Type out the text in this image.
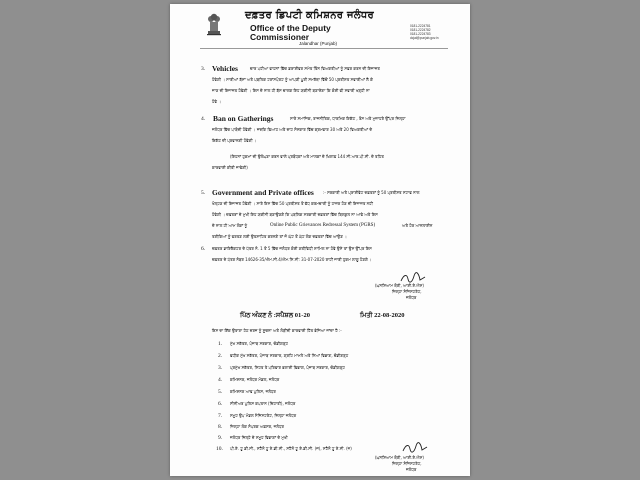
ਦਫ਼ਤਰ ਡਿਪਟੀ ਕਮਿਸ਼ਨਰ ਜਲੰਧਰ
Office of the Deputy
Commissioner
Jalandhar (Punjab)
0181-2224781
0181-2224782
0181-2224783
dcjal@punjab.gov.in
3. Vehicles	ਚਾਰ ਪਹੀਆ ਵਾਹਨਾਂ ਵਿੱਚ ਡਰਾਈਵਰ ਸਮੇਤ ਤਿੰਨ ਵਿਅਕਤੀਆਂ ਨੂੰ ਸਫ਼ਰ ਕਰਨ ਦੀ ਇਜਾਜ਼ਤ
ਹੋਵੇਗੀ । ਸਾਰੀਆਂ ਬੱਸਾਂ ਅਤੇ ਪਬਲਿਕ ਟਰਾਂਸਪੋਰਟ ਨੂੰ ਆਪਣੀ ਪੂਰੀ ਸਮਰੱਥਾ ਵਿੱਚੋਂ 50 ਪ੍ਰਤੀਸ਼ਤ ਸਵਾਰੀਆਂ ਲੈ ਕੇ
ਜਾਣ ਦੀ ਇਜਾਜ਼ਤ ਹੋਵੇਗੀ । ਇਸ ਦੇ ਨਾਲ ਹੀ ਬੱਸ ਚਾਲਕ ਇਹ ਯਕੀਨੀ ਬਣਾਏਗਾ ਕਿ ਕੋਈ ਵੀ ਸਵਾਰੀ ਖੜ੍ਹੀ ਨਾ
ਹੋਵੇ ।
4. Ban on Gatherings	ਸਾਰੇ ਸਮਾਜਿਕ, ਰਾਜਨੀਤਿਕ, ਧਾਰਮਿਕ ਇਕੱਠ , ਰੋਸ ਅਤੇ ਮੁਜ਼ਾਹਰੇ ਉੱਪਰ ਜ਼ਿਲ੍ਹਾ
ਜਲੰਧਰ ਵਿੱਚ ਪਾਬੰਦੀ ਹੋਵੇਗੀ । ਜਦਕਿ ਵਿਆਹ ਅਤੇ ਦਾਹ ਸੰਸਕਾਰ ਵਿੱਚ ਕ੍ਰਮਵਾਰ 30 ਅਤੇ 20 ਵਿਅਕਤੀਆਂ ਦੇ
ਇਕੱਠ ਦੀ ਪ੍ਰਵਾਨਗੀ ਹੋਵੇਗੀ ।
(ਇਹਨਾਂ ਹੁਕਮਾਂ ਦੀ ਉਲੰਘਣਾ ਕਰਨ ਵਾਲੇ ਪ੍ਰਬੰਧਕਾਂ ਅਤੇ ਮਾਲਕਾਂ ਦੇ ਖ਼ਿਲਾਫ਼ 144 ਸੀ.ਆਰ.ਪੀ.ਸੀ. ਦੇ ਤਹਿਤ
ਕਾਰਵਾਈ ਕੀਤੀ ਜਾਵੇਗੀ)
5. Government and Private offices :- ਸਰਕਾਰੀ ਅਤੇ ਪ੍ਰਾਈਵੇਟ ਦਫ਼ਤਰਾਂ ਨੂੰ 50 ਪ੍ਰਤੀਸ਼ਤ ਸਟਾਫ ਨਾਲ
ਖੋਲ੍ਹਣ ਦੀ ਇਜਾਜ਼ਤ ਹੋਵੇਗੀ । ਸਾਰੇ ਇਸ ਵਿੱਚ 50 ਪ੍ਰਤੀਸ਼ਤ ਤੋਂ ਵੱਧ ਕਰਮਚਾਰੀ ਨੂੰ ਹਾਜ਼ਰ ਹੋਣ ਦੀ ਇਜਾਜ਼ਤ ਨਹੀਂ
ਹੋਵੇਗੀ । ਦਫ਼ਤਰਾਂ ਦੇ ਮੁਖੀ ਇਹ ਯਕੀਨੀ ਬਣਾਉਣਗੇ ਕਿ ਪਬਲਿਕ ਸਰਕਾਰੀ ਦਫ਼ਤਰਾਂ ਵਿੱਚ ਬਿਲਕੁਲ ਨਾ ਆਵੇ ਅਤੇ ਇਸ
ਦੇ ਨਾਲ ਹੀ ਆਮ ਲੋਕਾਂ ਨੂੰ	Online Public Grievances Redressal System (PGRS)	ਅਤੇ ਹੋਰ ਆਨਲਾਈਨ
ਤਰੀਕਿਆਂ ਨੂੰ ਵਰਤਣ ਲਈ ਉਤਸ਼ਾਹਿਤ ਕਰਨਗੇ ਤਾਂ ਜੋ ਘੱਟ ਤੋਂ ਘੱਟ ਲੋਕ ਦਫ਼ਤਰਾਂ ਵਿੱਚ ਆਉਣ ।
6. ਦਫ਼ਤਰ ਡਾਇਰੈਕਟਰ ਦੇ ਪੱਤਰ ਨੰ. 1 ਤੋਂ 5 ਵਿੱਚ ਜਲੰਧਰ ਕੋਈ ਗਤੀਵਿਧੀ ਸ਼ਾਮਿਲ ਨਾ ਹੋਵੇ ਉਸੇ ਤਾਂ ਉਸ ਉੱਪਰ ਇਸ
ਦਫ਼ਤਰ ਦੇ ਪੱਤਰ ਨੰਬਰ 14626-35/ਐਮ.ਸੀ.4/ਐਮ.ਸਿ.ਸੀ: 31-07-2020 ਰਾਹੀਂ ਜਾਰੀ ਹੁਕਮ ਲਾਗੂ ਹੋਣਗੇ ।
(ਘਨਸ਼ਿਆਮ ਥੋਰੀ, ਆਈ.ਏ.ਐਸ)
ਜ਼ਿਲ੍ਹਾ ਮੈਜਿਸਟਰੇਟ,
ਜਲੰਧਰ
ਪਿੱਠ ਅੰਕਣ ਨੰ :ਸਪੈਸ਼ਲ 01-20	ਮਿਤੀ 22-08-2020
ਇਸ ਦਾ ਇੱਕ ਉਤਾਰਾ ਹੇਠ ਦਰਜ ਨੂੰ ਸੂਚਨਾ ਅਤੇ ਲੋੜੀਂਦੀ ਕਾਰਵਾਈ ਹਿੱਤ ਭੇਜਿਆ ਜਾਂਦਾ ਹੈ :-
1. ਮੁੱਖ ਸਕੱਤਰ, ਪੰਜਾਬ ਸਰਕਾਰ, ਚੰਡੀਗੜ੍ਹ
2. ਵਧੀਕ ਮੁੱਖ ਸਕੱਤਰ, ਪੰਜਾਬ ਸਰਕਾਰ, ਗ੍ਰਹਿ ਮਾਮਲੇ ਅਤੇ ਨਿਆਂ ਵਿਭਾਗ, ਚੰਡੀਗੜ੍ਹ
3. ਪ੍ਰਮੁੱਖ ਸਕੱਤਰ, ਸਿਹਤ ਤੇ ਪਰਿਵਾਰ ਭਲਾਈ ਵਿਭਾਗ, ਪੰਜਾਬ ਸਰਕਾਰ, ਚੰਡੀਗੜ੍ਹ
4. ਕਮਿਸ਼ਨਰ, ਜਲੰਧਰ ਮੰਡਲ, ਜਲੰਧਰ
5. ਕਮਿਸ਼ਨਰ ਆਫ ਪੁਲਿਸ, ਜਲੰਧਰ
6. ਸੀਨੀਅਰ ਪੁਲਿਸ ਕਪਤਾਨ (ਦਿਹਾਤੀ), ਜਲੰਧਰ
7. ਸਮੂਹ ਉਪ ਮੰਡਲ ਮੈਜਿਸਟਰੇਟ, ਜ਼ਿਲ੍ਹਾ ਜਲੰਧਰ
8. ਜ਼ਿਲ੍ਹਾ ਲੋਕ ਸੰਪਰਕ ਅਫ਼ਸਰ, ਜਲੰਧਰ
9. ਜਲੰਧਰ ਜ਼ਿਲ੍ਹੇ ਦੇ ਸਮੂਹ ਵਿਭਾਗਾਂ ਦੇ ਮੁਖੀ
10. ਪੀ.ਏ. ਟੂ ਡੀ.ਸੀ., ਸਟੈਨੋ ਟੂ ਏ.ਡੀ.ਸੀ., ਸਟੈਨੋ ਟੂ ਏ.ਡੀ.ਸੀ. (ਜ), ਸਟੈਨੋ ਟੂ ਏ.ਸੀ. (ਜ)
(ਘਨਸ਼ਿਆਮ ਥੋਰੀ, ਆਈ.ਏ.ਐਸ)
ਜ਼ਿਲ੍ਹਾ ਮੈਜਿਸਟਰੇਟ,
ਜਲੰਧਰ
